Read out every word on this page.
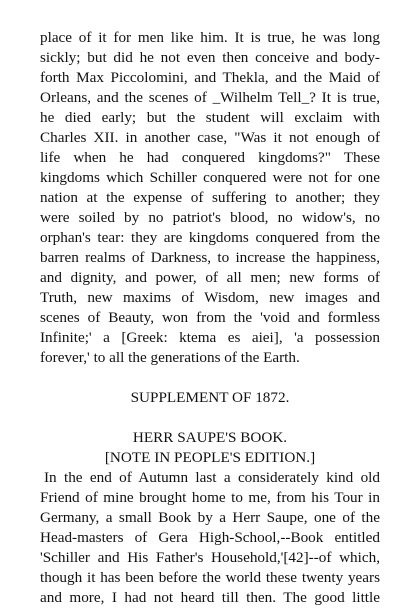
place of it for men like him. It is true, he was long
sickly; but did he not even then conceive and body-
forth Max Piccolomini, and Thekla, and the Maid of
Orleans, and the scenes of _Wilhelm Tell_? It is true,
he died early; but the student will exclaim with
Charles XII. in another case, "Was it not enough of
life when he had conquered kingdoms?" These
kingdoms which Schiller conquered were not for one
nation at the expense of suffering to another; they
were soiled by no patriot's blood, no widow's, no
orphan's tear: they are kingdoms conquered from the
barren realms of Darkness, to increase the happiness,
and dignity, and power, of all men; new forms of
Truth, new maxims of Wisdom, new images and
scenes of Beauty, won from the 'void and formless
Infinite;' a [Greek: ktema es aiei], 'a possession
forever,' to all the generations of the Earth.
SUPPLEMENT OF 1872.
HERR SAUPE'S BOOK.
[NOTE IN PEOPLE'S EDITION.]
In the end of Autumn last a considerately kind old
Friend of mine brought home to me, from his Tour in
Germany, a small Book by a Herr Saupe, one of the
Head-masters of Gera High-School,--Book entitled
'Schiller and His Father's Household,'[42]--of which,
though it has been before the world these twenty years
and more, I had not heard till then. The good little
